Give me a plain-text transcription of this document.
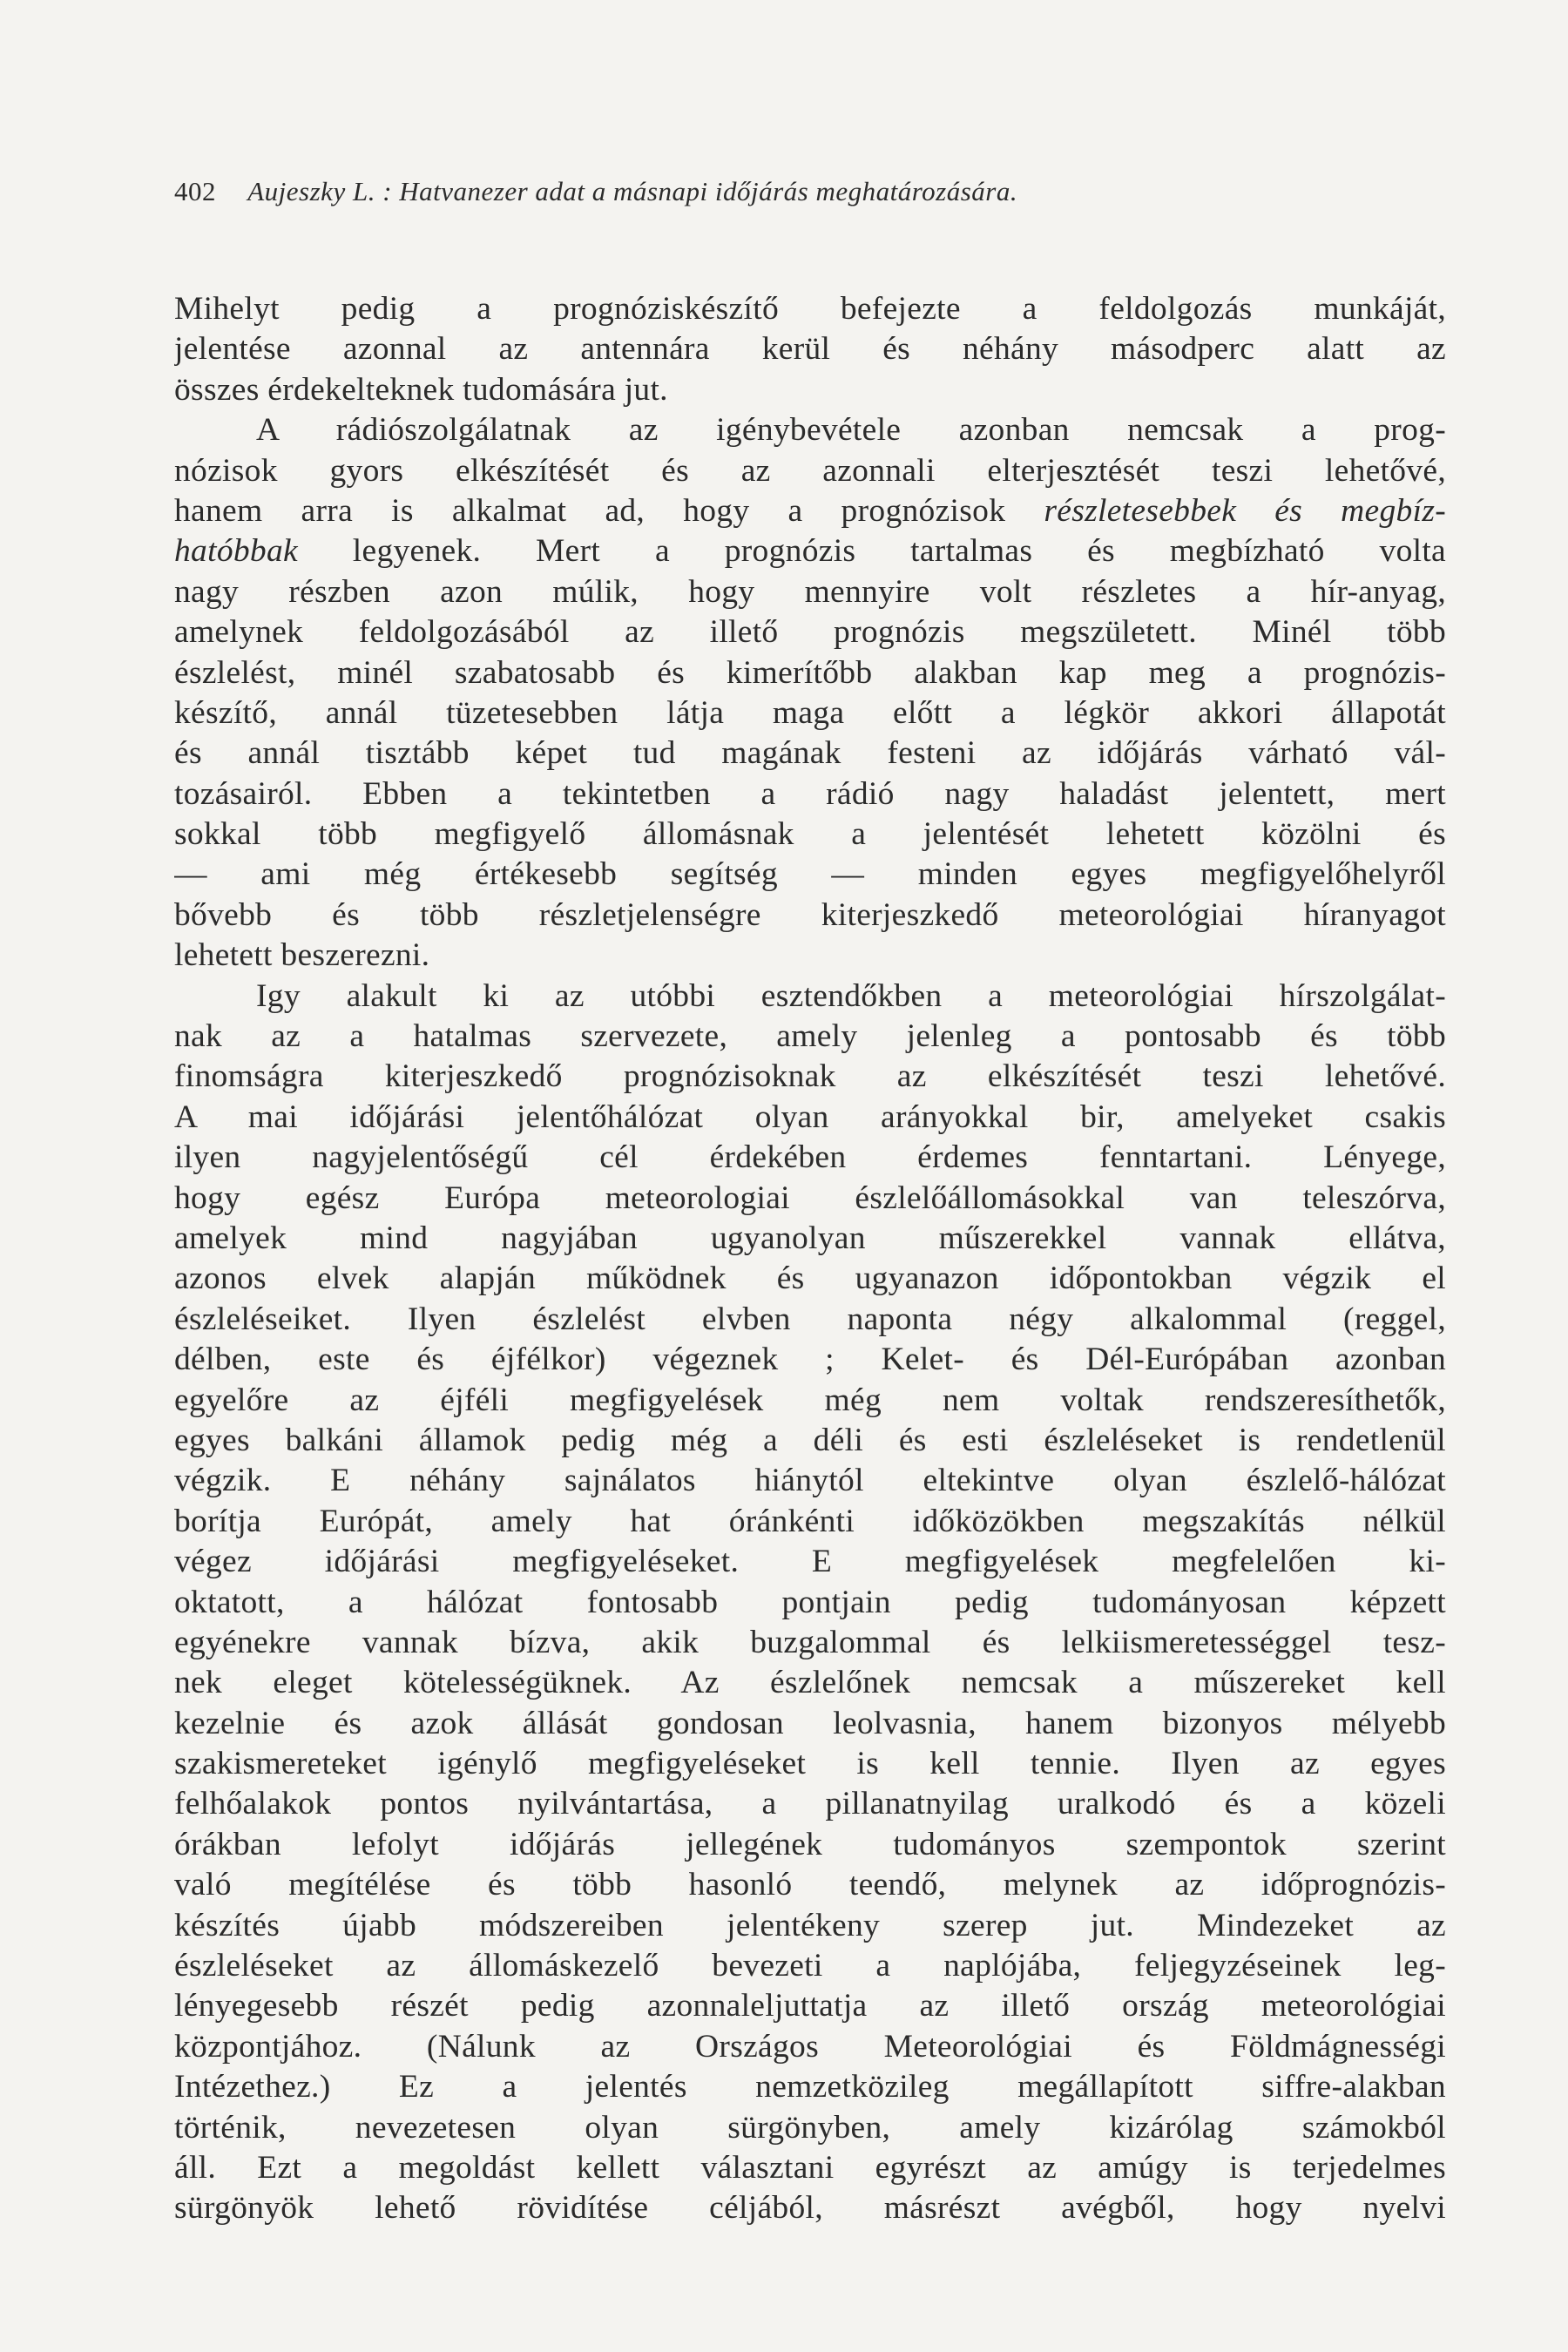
402 Aujeszky L. : Hatvanezer adat a másnapi időjárás meghatározására.
Mihelyt pedig a prognóziskészítő befejezte a feldolgozás munkáját,
jelentése azonnal az antennára kerül és néhány másodperc alatt az
összes érdekelteknek tudomására jut.
A rádiószolgálatnak az igénybevétele azonban nemcsak a prog-
nózisok gyors elkészítését és az azonnali elterjesztését teszi lehetővé,
hanem arra is alkalmat ad, hogy a prognózisok részletesebbek és megbíz-
hatóbbak legyenek. Mert a prognózis tartalmas és megbízható volta
nagy részben azon múlik, hogy mennyire volt részletes a hír-anyag,
amelynek feldolgozásából az illető prognózis megszületett. Minél több
észlelést, minél szabatosabb és kimerítőbb alakban kap meg a prognózis-
készítő, annál tüzetesebben látja maga előtt a légkör akkori állapotát
és annál tisztább képet tud magának festeni az időjárás várható vál-
tozásairól. Ebben a tekintetben a rádió nagy haladást jelentett, mert
sokkal több megfigyelő állomásnak a jelentését lehetett közölni és
— ami még értékesebb segítség — minden egyes megfigyelőhelyről
bővebb és több részletjelenségre kiterjeszkedő meteorológiai híranyagot
lehetett beszerezni.
Igy alakult ki az utóbbi esztendőkben a meteorológiai hírszolgálat-
nak az a hatalmas szervezete, amely jelenleg a pontosabb és több
finomságra kiterjeszkedő prognózisoknak az elkészítését teszi lehetővé.
A mai időjárási jelentőhálózat olyan arányokkal bir, amelyeket csakis
ilyen nagyjelentőségű cél érdekében érdemes fenntartani. Lényege,
hogy egész Európa meteorologiai észlelőállomásokkal van teleszórva,
amelyek mind nagyjában ugyanolyan műszerekkel vannak ellátva,
azonos elvek alapján működnek és ugyanazon időpontokban végzik el
észleléseiket. Ilyen észlelést elvben naponta négy alkalommal (reggel,
délben, este és éjfélkor) végeznek ; Kelet- és Dél-Európában azonban
egyelőre az éjféli megfigyelések még nem voltak rendszeresíthetők,
egyes balkáni államok pedig még a déli és esti észleléseket is rendetlenül
végzik. E néhány sajnálatos hiánytól eltekintve olyan észlelő-hálózat
borítja Európát, amely hat óránkénti időközökben megszakítás nélkül
végez időjárási megfigyeléseket. E megfigyelések megfelelően ki-
oktatott, a hálózat fontosabb pontjain pedig tudományosan képzett
egyénekre vannak bízva, akik buzgalommal és lelkiismeretességgel tesz-
nek eleget kötelességüknek. Az észlelőnek nemcsak a műszereket kell
kezelnie és azok állását gondosan leolvasnia, hanem bizonyos mélyebb
szakismereteket igénylő megfigyeléseket is kell tennie. Ilyen az egyes
felhőalakok pontos nyilvántartása, a pillanatnyilag uralkodó és a közeli
órákban lefolyt időjárás jellegének tudományos szempontok szerint
való megítélése és több hasonló teendő, melynek az időprognózis-
készítés újabb módszereiben jelentékeny szerep jut. Mindezeket az
észleléseket az állomáskezelő bevezeti a naplójába, feljegyzéseinek leg-
lényegesebb részét pedig azonnaleljuttatja az illető ország meteorológiai
központjához. (Nálunk az Országos Meteorológiai és Földmágnességi
Intézethez.) Ez a jelentés nemzetközileg megállapított siffre-alakban
történik, nevezetesen olyan sürgönyben, amely kizárólag számokból
áll. Ezt a megoldást kellett választani egyrészt az amúgy is terjedelmes
sürgönyök lehető rövidítése céljából, másrészt avégből, hogy nyelvi
